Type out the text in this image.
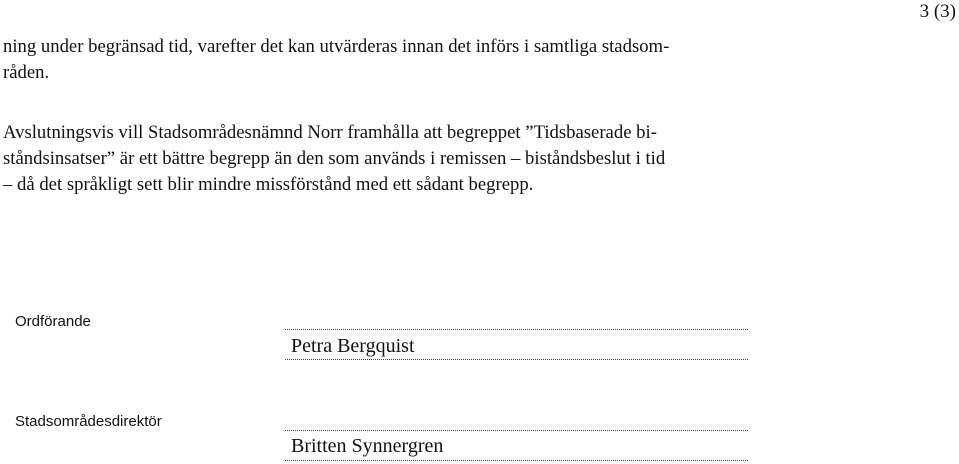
3 (3)

ning under begränsad tid, varefter det kan utvärderas innan det införs i samtliga stadsom-
råden.

Avslutningsvis vill Stadsområdesnämnd Norr framhålla att begreppet ”Tidsbaserade bi-
ståndsinsatser” är ett bättre begrepp än den som används i remissen – biståndsbeslut i tid
– då det språkligt sett blir mindre missförstånd med ett sådant begrepp.

Ordförande
Petra Bergquist
Stadsområdesdirektör
Britten Synnergren
